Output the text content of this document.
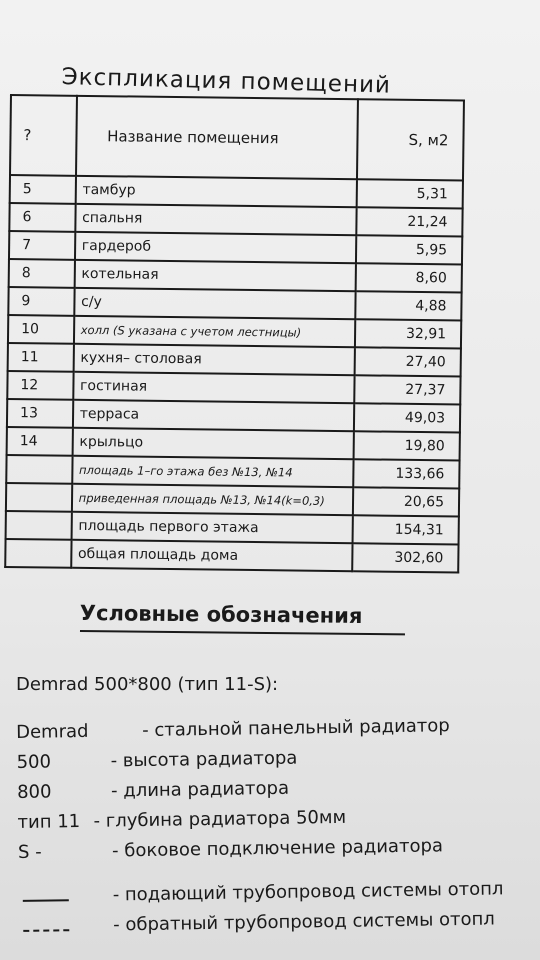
Экспликация помещений
?	Название помещения	S, м2
5	тамбур	5,31
6	спальня	21,24
7	гардероб	5,95
8	котельная	8,60
9	с/у	4,88
10	холл (S указана с учетом лестницы)	32,91
11	кухня– столовая	27,40
12	гостиная	27,37
13	терраса	49,03
14	крыльцо	19,80
	площадь 1–го этажа без №13, №14	133,66
	приведенная площадь №13, №14(k=0,3)	20,65
	площадь первого этажа	154,31
	общая площадь дома	302,60
Условные обозначения
Demrad 500*800 (тип 11-S):
Demrad	- стальной панельный радиатор
500	- высота радиатора
800	- длина радиатора
тип 11 - глубина радиатора 50мм
S -	- боковое подключение радиатора
- подающий трубопровод системы отопл
- обратный трубопровод системы отопл
